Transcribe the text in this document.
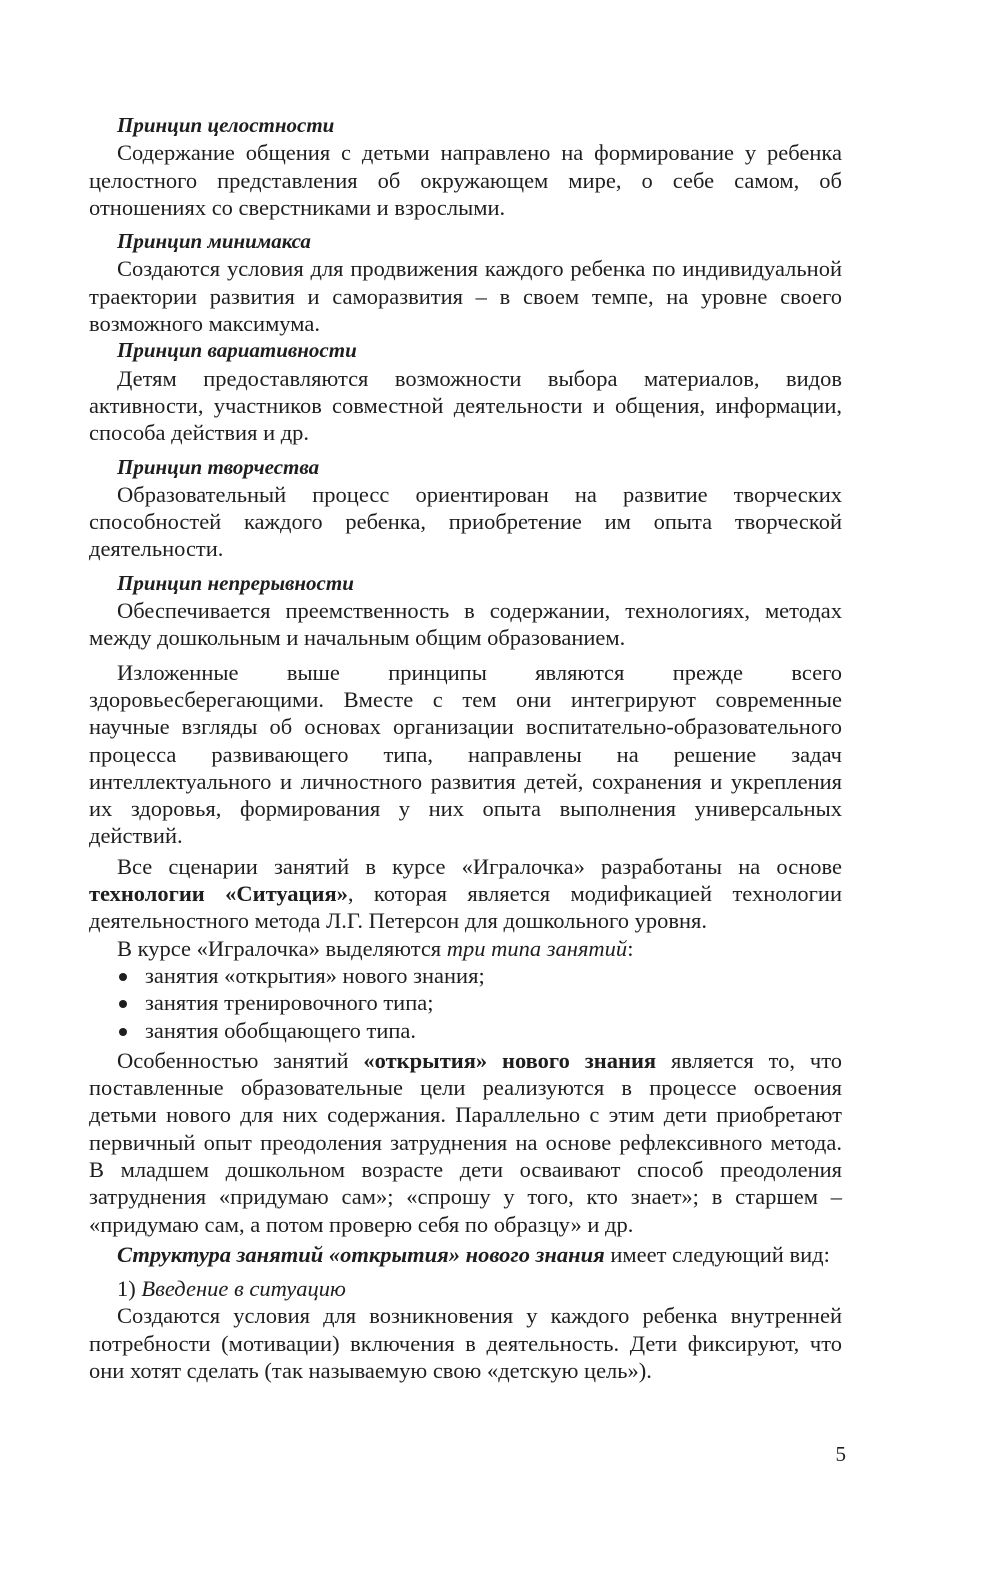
Принцип целостности

Содержание общения с детьми направлено на формирование у ребенка целостного представления об окружающем мире, о себе самом, об отношениях со сверстниками и взрослыми.

Принцип минимакса

Создаются условия для продвижения каждого ребенка по индивидуальной траектории развития и саморазвития – в своем темпе, на уровне своего возможного максимума.

Принцип вариативности

Детям предоставляются возможности выбора материалов, видов активности, участников совместной деятельности и общения, информации, способа действия и др.

Принцип творчества

Образовательный процесс ориентирован на развитие творческих способностей каждого ребенка, приобретение им опыта творческой деятельности.

Принцип непрерывности

Обеспечивается преемственность в содержании, технологиях, методах между дошкольным и начальным общим образованием.

Изложенные выше принципы являются прежде всего здоровьесберегающими. Вместе с тем они интегрируют современные научные взгляды об основах организации воспитательно-образовательного процесса развивающего типа, направлены на решение задач интеллектуального и личностного развития детей, сохранения и укрепления их здоровья, формирования у них опыта выполнения универсальных действий.

Все сценарии занятий в курсе «Игралочка» разработаны на основе технологии «Ситуация», которая является модификацией технологии деятельностного метода Л.Г. Петерсон для дошкольного уровня.

В курсе «Игралочка» выделяются три типа занятий:

занятия «открытия» нового знания;
занятия тренировочного типа;
занятия обобщающего типа.

Особенностью занятий «открытия» нового знания является то, что поставленные образовательные цели реализуются в процессе освоения детьми нового для них содержания. Параллельно с этим дети приобретают первичный опыт преодоления затруднения на основе рефлексивного метода. В младшем дошкольном возрасте дети осваивают способ преодоления затруднения «придумаю сам»; «спрошу у того, кто знает»; в старшем – «придумаю сам, а потом проверю себя по образцу» и др.

Структура занятий «открытия» нового знания имеет следующий вид:

1) Введение в ситуацию

Создаются условия для возникновения у каждого ребенка внутренней потребности (мотивации) включения в деятельность. Дети фиксируют, что они хотят сделать (так называемую свою «детскую цель»).

5
